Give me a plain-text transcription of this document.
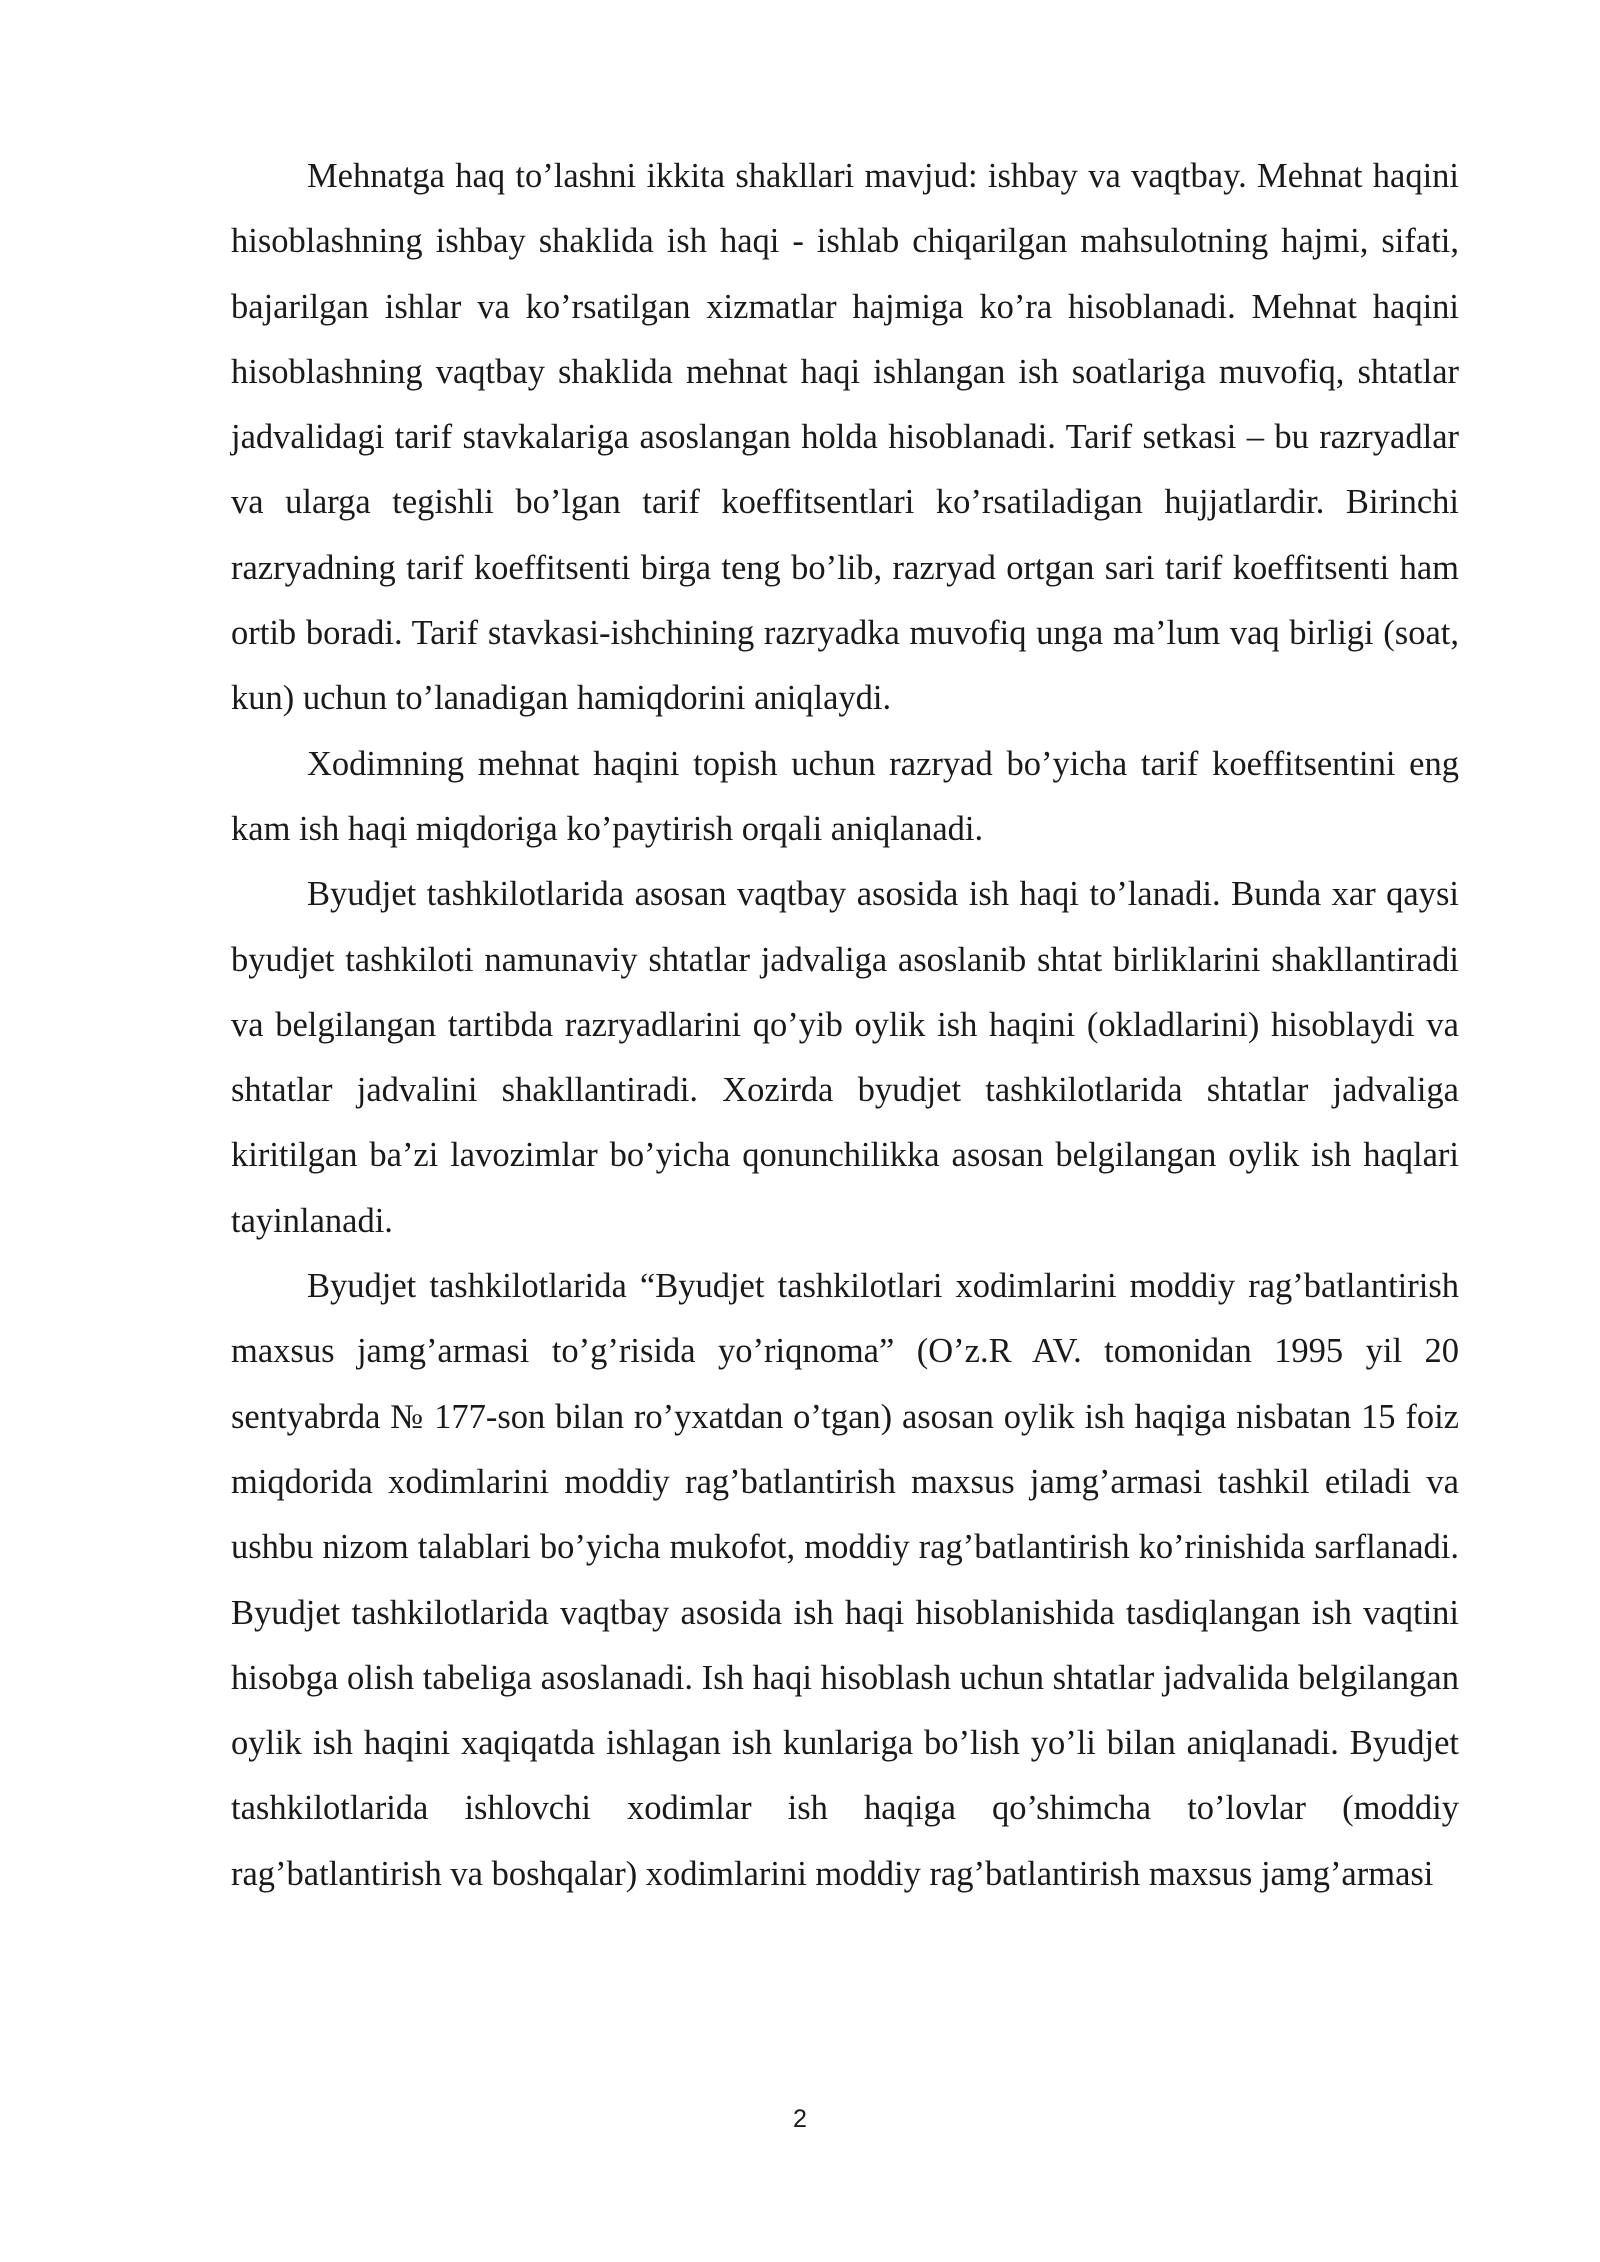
Mehnatga haq to’lashni ikkita shakllari mavjud: ishbay va vaqtbay. Mehnat haqini hisoblashning ishbay shaklida ish haqi - ishlab chiqarilgan mahsulotning hajmi, sifati, bajarilgan ishlar va ko’rsatilgan xizmatlar hajmiga ko’ra hisoblanadi. Mehnat haqini hisoblashning vaqtbay shaklida mehnat haqi ishlangan ish soatlariga muvofiq, shtatlar jadvalidagi tarif stavkalariga asoslangan holda hisoblanadi. Tarif setkasi – bu razryadlar va ularga tegishli bo’lgan tarif koeffitsentlari ko’rsatiladigan hujjatlardir. Birinchi razryadning tarif koeffitsenti birga teng bo’lib, razryad ortgan sari tarif koeffitsenti ham ortib boradi. Tarif stavkasi-ishchining razryadka muvofiq unga ma’lum vaq birligi (soat, kun) uchun to’lanadigan hamiqdorini aniqlaydi.

Xodimning mehnat haqini topish uchun razryad bo’yicha tarif koeffitsentini eng kam ish haqi miqdoriga ko’paytirish orqali aniqlanadi.

Byudjet tashkilotlarida asosan vaqtbay asosida ish haqi to’lanadi. Bunda xar qaysi byudjet tashkiloti namunaviy shtatlar jadvaliga asoslanib shtat birliklarini shakllantiradi va belgilangan tartibda razryadlarini qo’yib oylik ish haqini (okladlarini) hisoblaydi va shtatlar jadvalini shakllantiradi. Xozirda byudjet tashkilotlarida shtatlar jadvaliga kiritilgan ba’zi lavozimlar bo’yicha qonunchilikka asosan belgilangan oylik ish haqlari tayinlanadi.

Byudjet tashkilotlarida “Byudjet tashkilotlari xodimlarini moddiy rag’batlantirish maxsus jamg’armasi to’g’risida yo’riqnoma” (O’z.R AV. tomonidan 1995 yil 20 sentyabrda № 177-son bilan ro’yxatdan o’tgan) asosan oylik ish haqiga nisbatan 15 foiz miqdorida xodimlarini moddiy rag’batlantirish maxsus jamg’armasi tashkil etiladi va ushbu nizom talablari bo’yicha mukofot, moddiy rag’batlantirish ko’rinishida sarflanadi. Byudjet tashkilotlarida vaqtbay asosida ish haqi hisoblanishida tasdiqlangan ish vaqtini hisobga olish tabeliga asoslanadi. Ish haqi hisoblash uchun shtatlar jadvalida belgilangan oylik ish haqini xaqiqatda ishlagan ish kunlariga bo’lish yo’li bilan aniqlanadi. Byudjet tashkilotlarida ishlovchi xodimlar ish haqiga qo’shimcha to’lovlar (moddiy rag’batlantirish va boshqalar) xodimlarini moddiy rag’batlantirish maxsus jamg’armasi

2
